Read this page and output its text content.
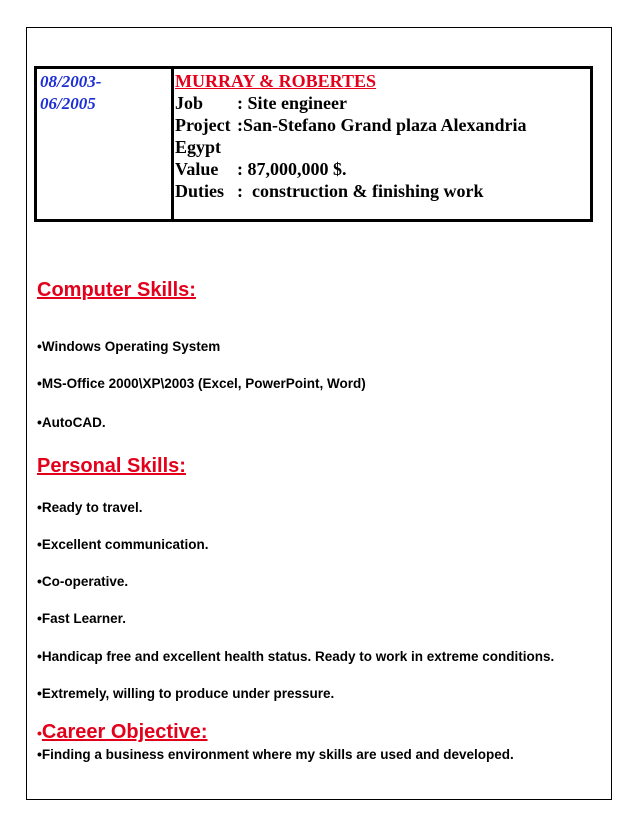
08/2003-
06/2005
MURRAY & ROBERTES
Job	: Site engineer
Project :San-Stefano Grand plaza Alexandria
Egypt
Value	: 87,000,000 $.
Duties :  construction & finishing work
Computer Skills:
•Windows Operating System
•MS-Office 2000\XP\2003 (Excel, PowerPoint, Word)
•AutoCAD.
Personal Skills:
•Ready to travel.
•Excellent communication.
•Co-operative.
•Fast Learner.
•Handicap free and excellent health status. Ready to work in extreme conditions.
•Extremely, willing to produce under pressure.
•Career Objective:
•Finding a business environment where my skills are used and developed.
